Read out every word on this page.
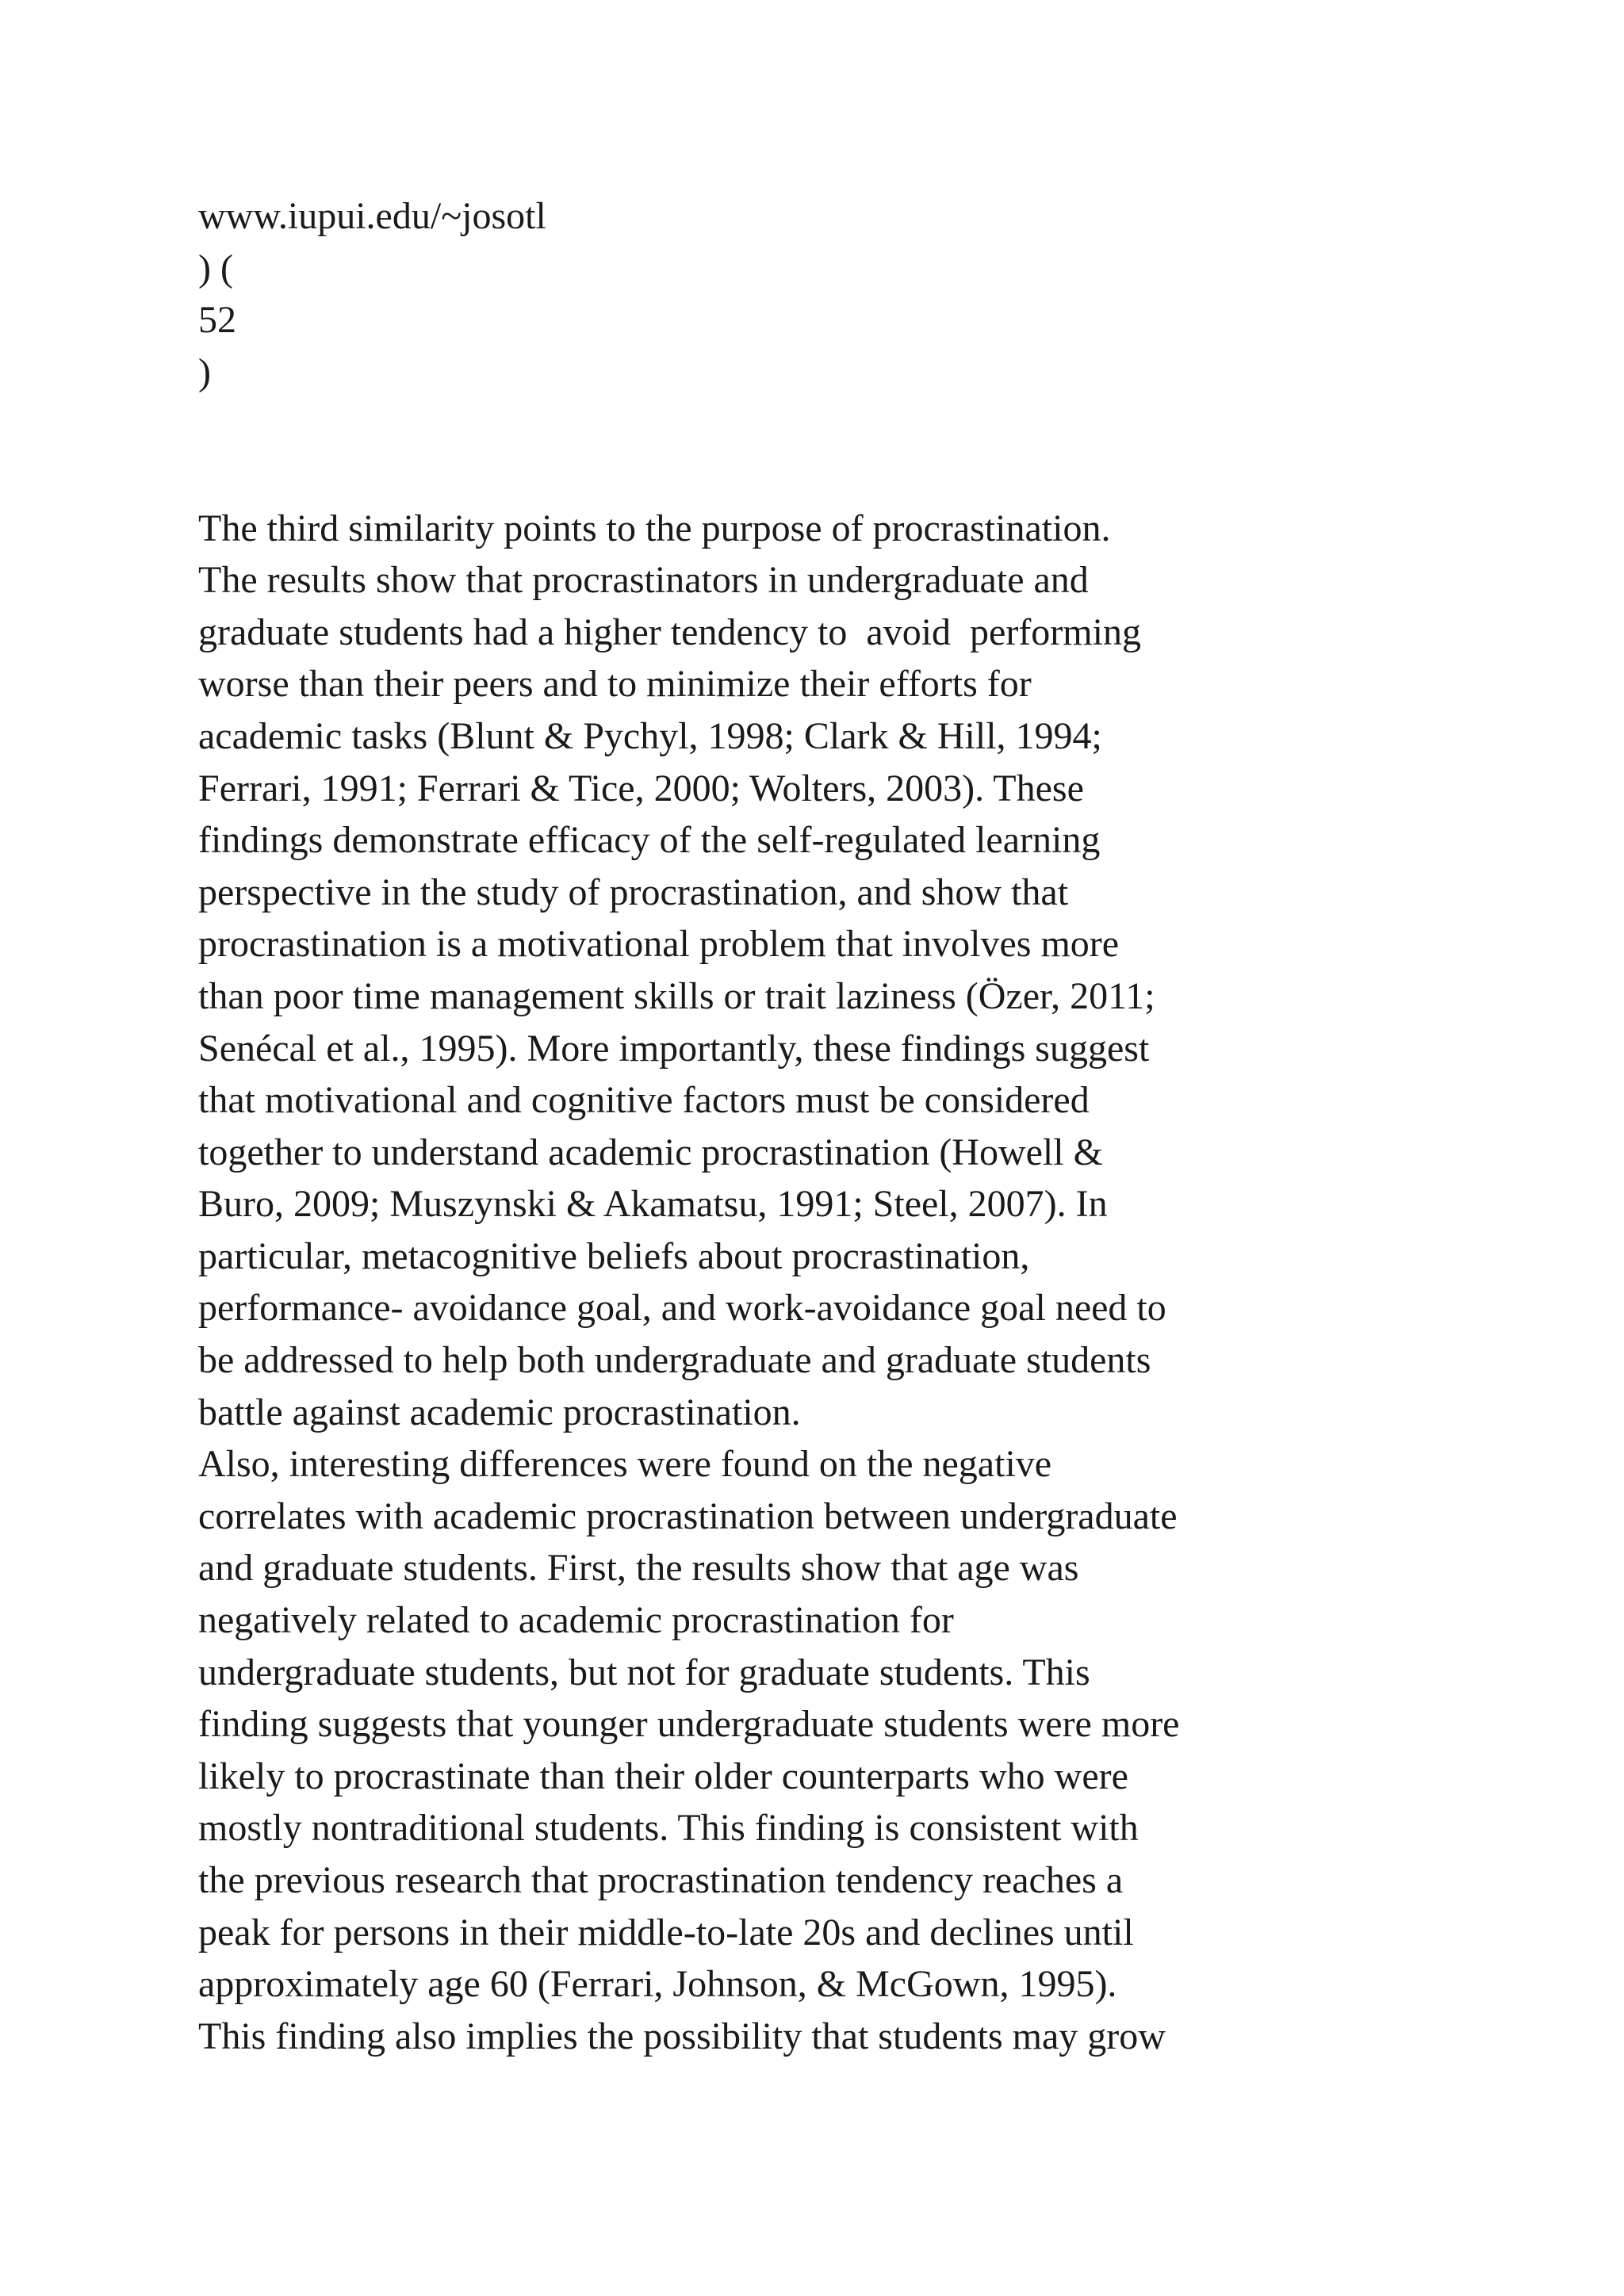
www.iupui.edu/~josotl
) (
52
)
The third similarity points to the purpose of procrastination.
The results show that procrastinators in undergraduate and
graduate students had a higher tendency to  avoid  performing
worse than their peers and to minimize their efforts for
academic tasks (Blunt & Pychyl, 1998; Clark & Hill, 1994;
Ferrari, 1991; Ferrari & Tice, 2000; Wolters, 2003). These
findings demonstrate efficacy of the self-regulated learning
perspective in the study of procrastination, and show that
procrastination is a motivational problem that involves more
than poor time management skills or trait laziness (Özer, 2011;
Senécal et al., 1995). More importantly, these findings suggest
that motivational and cognitive factors must be considered
together to understand academic procrastination (Howell &
Buro, 2009; Muszynski & Akamatsu, 1991; Steel, 2007). In
particular, metacognitive beliefs about procrastination,
performance- avoidance goal, and work-avoidance goal need to
be addressed to help both undergraduate and graduate students
battle against academic procrastination.
Also, interesting differences were found on the negative
correlates with academic procrastination between undergraduate
and graduate students. First, the results show that age was
negatively related to academic procrastination for
undergraduate students, but not for graduate students. This
finding suggests that younger undergraduate students were more
likely to procrastinate than their older counterparts who were
mostly nontraditional students. This finding is consistent with
the previous research that procrastination tendency reaches a
peak for persons in their middle-to-late 20s and declines until
approximately age 60 (Ferrari, Johnson, & McGown, 1995).
This finding also implies the possibility that students may grow
